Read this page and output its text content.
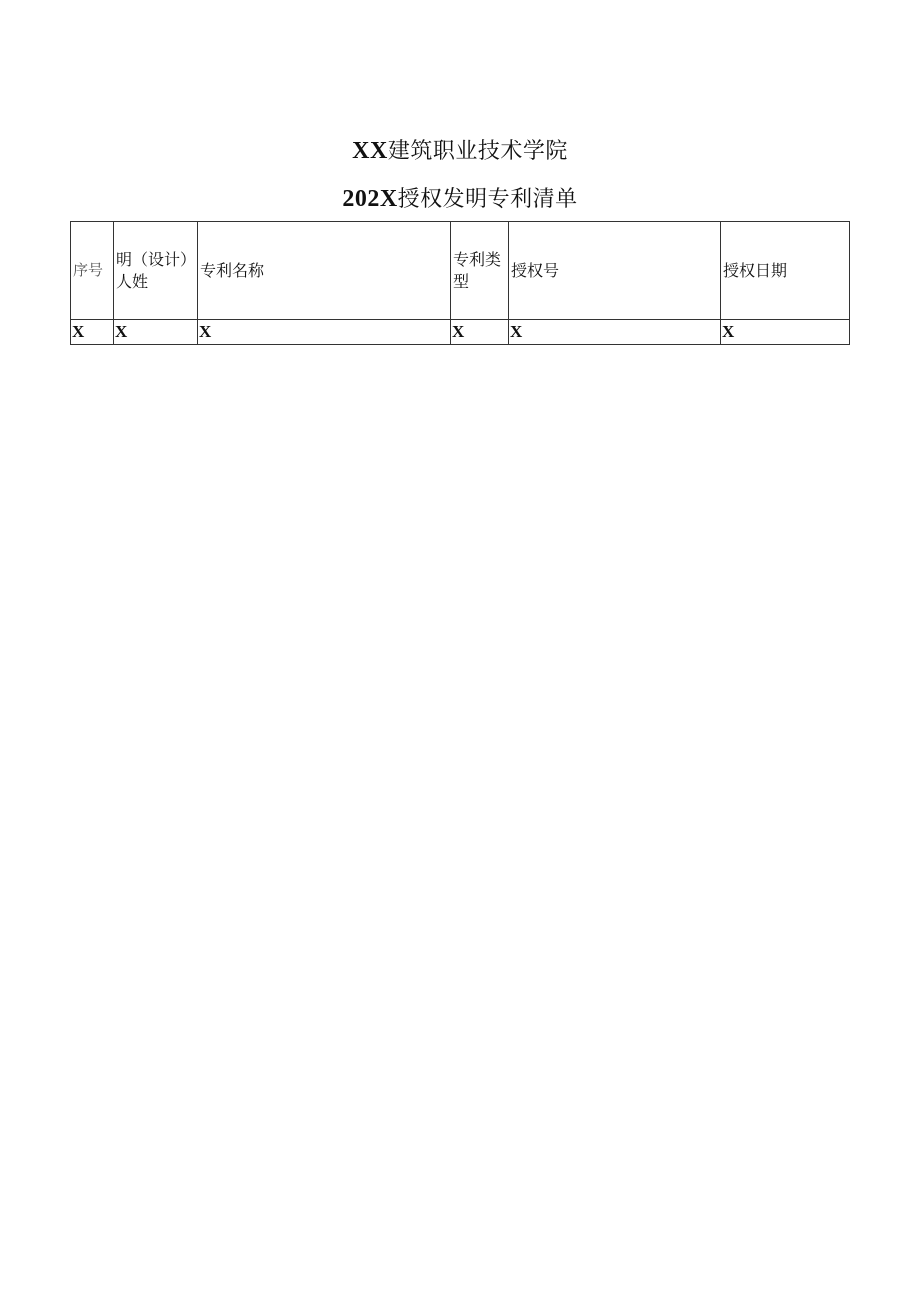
XX建筑职业技术学院
202X授权发明专利清单
序号	明（设计）人姓	专利名称	专利类型	授权号	授权日期
X	X	X	X	X	X
